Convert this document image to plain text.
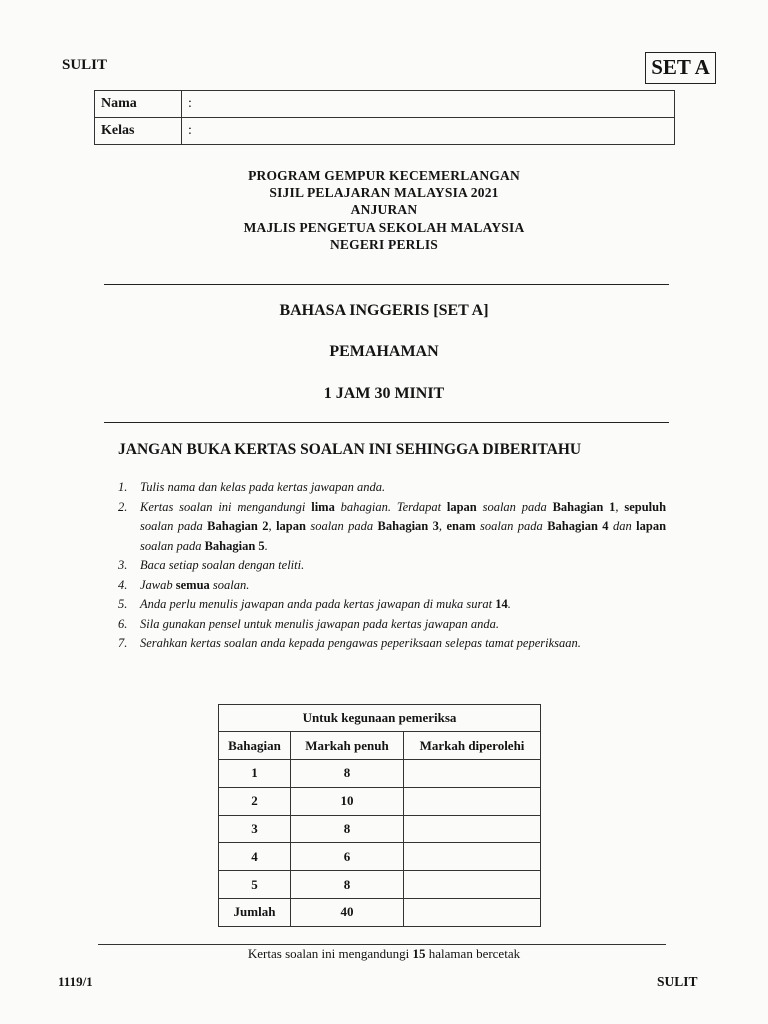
SULIT	SET A
Nama	:
Kelas	:
PROGRAM GEMPUR KECEMERLANGAN
SIJIL PELAJARAN MALAYSIA 2021
ANJURAN
MAJLIS PENGETUA SEKOLAH MALAYSIA
NEGERI PERLIS
BAHASA INGGERIS [SET A]
PEMAHAMAN
1 JAM 30 MINIT
JANGAN BUKA KERTAS SOALAN INI SEHINGGA DIBERITAHU
1. Tulis nama dan kelas pada kertas jawapan anda.
2. Kertas soalan ini mengandungi lima bahagian. Terdapat lapan soalan pada Bahagian 1, sepuluh soalan pada Bahagian 2, lapan soalan pada Bahagian 3, enam soalan pada Bahagian 4 dan lapan soalan pada Bahagian 5.
3. Baca setiap soalan dengan teliti.
4. Jawab semua soalan.
5. Anda perlu menulis jawapan anda pada kertas jawapan di muka surat 14.
6. Sila gunakan pensel untuk menulis jawapan pada kertas jawapan anda.
7. Serahkan kertas soalan anda kepada pengawas peperiksaan selepas tamat peperiksaan.
Untuk kegunaan pemeriksa		
Bahagian	Markah penuh	Markah diperolehi
1	8	
2	10	
3	8	
4	6	
5	8	
Jumlah	40	
Kertas soalan ini mengandungi 15 halaman bercetak
1119/1	SULIT
